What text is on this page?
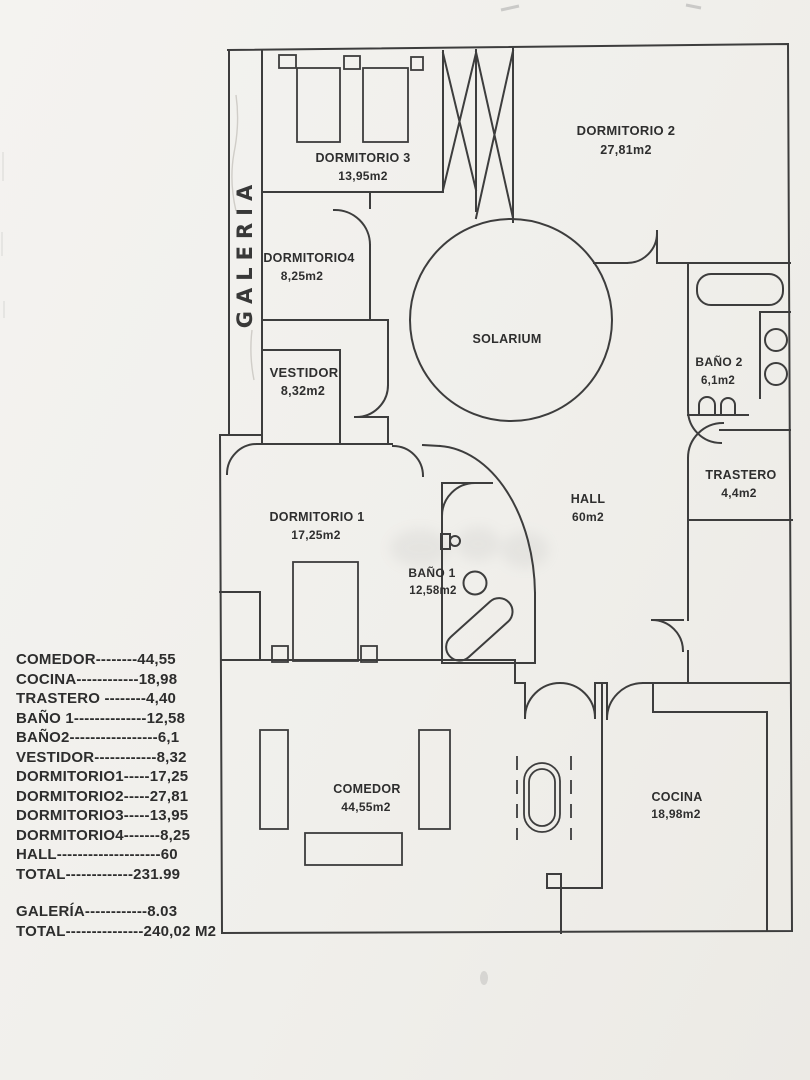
DORMITORIO 3
13,95m2
DORMITORIO 2
27,81m2
DORMITORIO4
8,25m2
VESTIDOR
8,32m2
SOLARIUM
BAÑO 2
6,1m2
TRASTERO
4,4m2
HALL
60m2
DORMITORIO 1
17,25m2
BAÑO 1
12,58m2
COMEDOR
44,55m2
COCINA
18,98m2
GALERIA
COMEDOR--------44,55
COCINA------------18,98
TRASTERO --------4,40
BAÑO 1--------------12,58
BAÑO2-----------------6,1
VESTIDOR------------8,32
DORMITORIO1-----17,25
DORMITORIO2-----27,81
DORMITORIO3-----13,95
DORMITORIO4-------8,25
HALL--------------------60
TOTAL-------------231.99
GALERÍA------------8.03
TOTAL---------------240,02 M2
